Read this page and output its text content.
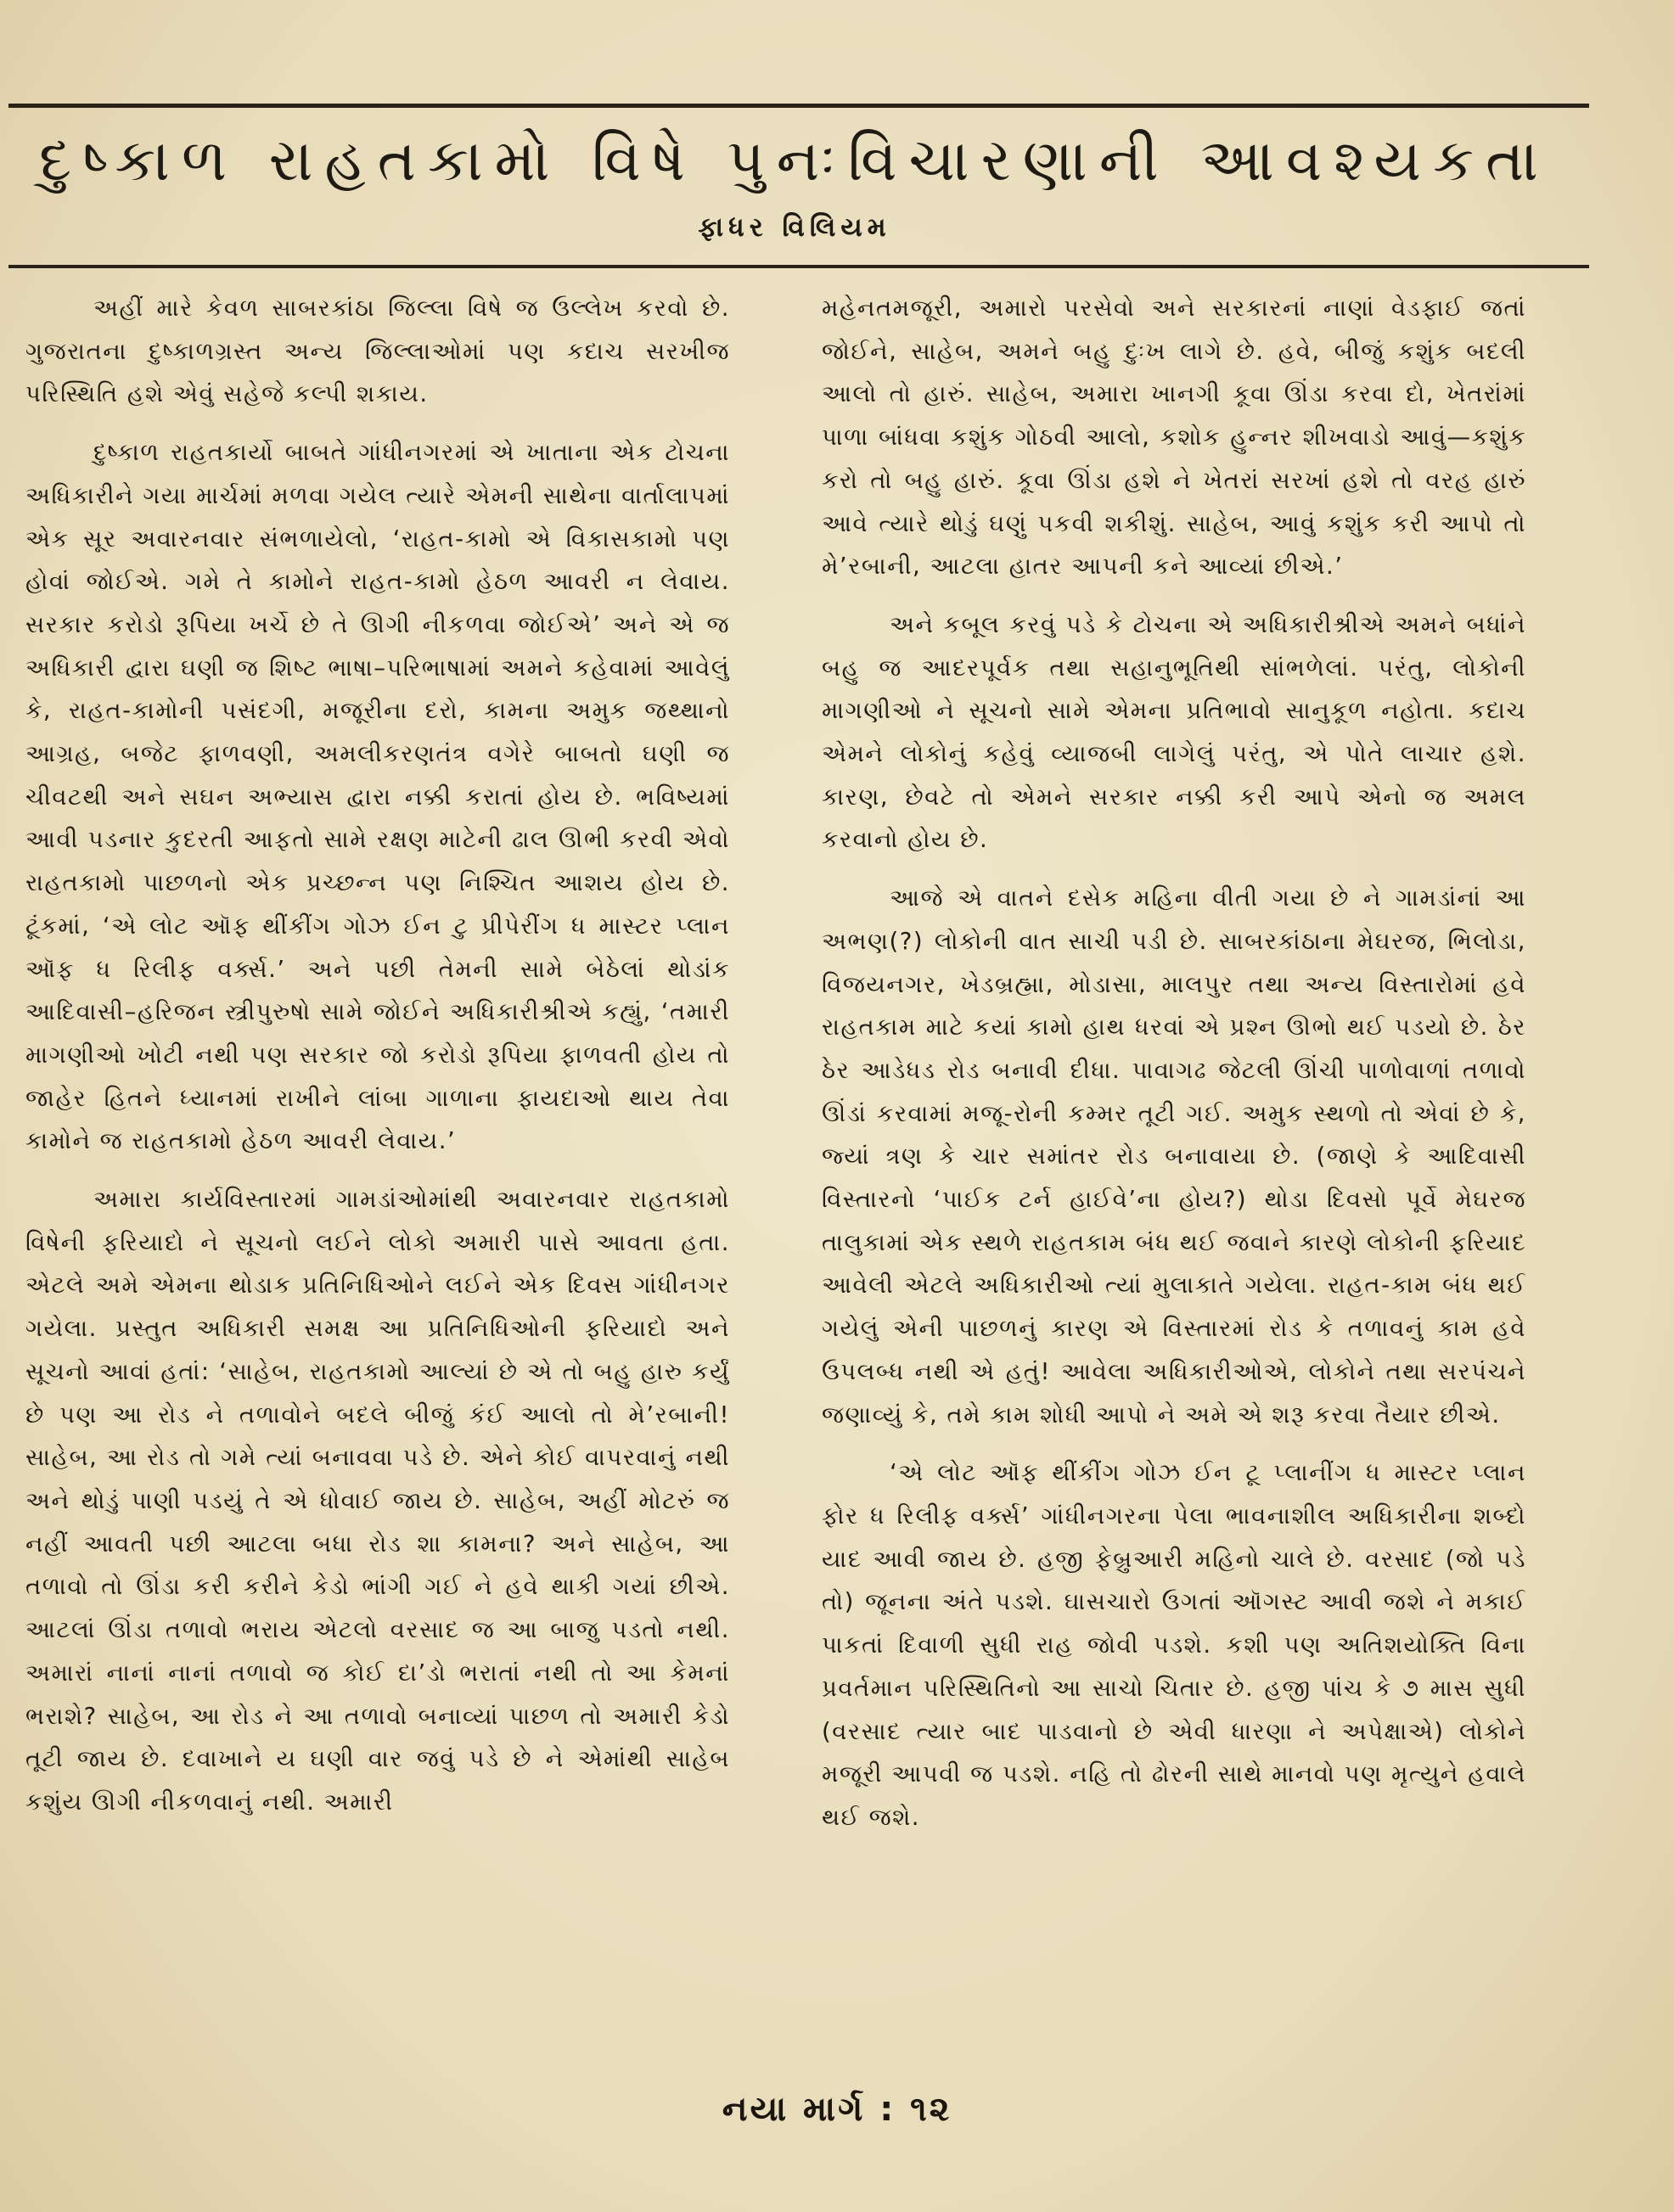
દુષ્કાળ રાહતકામો વિષે પુનઃવિચારણાની આવશ્યકતા
ફાધર વિલિયમ

અહીં મારે કેવળ સાબરકાંઠા જિલ્લા વિષે જ ઉલ્લેખ કરવો છે. ગુજરાતના દુષ્કાળગ્રસ્ત અન્ય જિલ્લાઓમાં પણ કદાચ સરખીજ પરિસ્થિતિ હશે એવું સહેજે કલ્પી શકાય.

દુષ્કાળ રાહતકાર્યો બાબતે ગાંધીનગરમાં એ ખાતાના એક ટોચના અધિકારીને ગયા માર્ચમાં મળવા ગયેલ ત્યારે એમની સાથેના વાર્તાલાપમાં એક સૂર અવારનવાર સંભળાયેલો, ‘રાહત-કામો એ વિકાસકામો પણ હોવાં જોઈએ. ગમે તે કામોને રાહત-કામો હેઠળ આવરી ન લેવાય. સરકાર કરોડો રૂપિયા ખર્ચે છે તે ઊગી નીકળવા જોઈએ’ અને એ જ અધિકારી દ્વારા ઘણી જ શિષ્ટ ભાષા–પરિભાષામાં અમને કહેવામાં આવેલું કે, રાહત-કામોની પસંદગી, મજૂરીના દરો, કામના અમુક જથ્થાનો આગ્રહ, બજેટ ફાળવણી, અમલીકરણતંત્ર વગેરે બાબતો ઘણી જ ચીવટથી અને સઘન અભ્યાસ દ્વારા નક્કી કરાતાં હોય છે. ભવિષ્યમાં આવી પડનાર કુદરતી આફતો સામે રક્ષણ માટેની ઢાલ ઊભી કરવી એવો રાહતકામો પાછળનો એક પ્રચ્છન્ન પણ નિશ્ચિત આશય હોય છે. ટૂંકમાં, ‘એ લોટ ઑફ થીંકીંગ ગોઝ ઈન ટુ પ્રીપેરીંગ ધ માસ્ટર પ્લાન ઑફ ધ રિલીફ વર્ક્સ.’ અને પછી તેમની સામે બેઠેલાં થોડાંક આદિવાસી–હરિજન સ્ત્રીપુરુષો સામે જોઈને અધિકારીશ્રીએ કહ્યું, ‘તમારી માગણીઓ ખોટી નથી પણ સરકાર જો કરોડો રૂપિયા ફાળવતી હોય તો જાહેર હિતને ધ્યાનમાં રાખીને લાંબા ગાળાના ફાયદાઓ થાય તેવા કામોને જ રાહતકામો હેઠળ આવરી લેવાય.’

અમારા કાર્યવિસ્તારમાં ગામડાંઓમાંથી અવારનવાર રાહતકામો વિષેની ફરિયાદો ને સૂચનો લઈને લોકો અમારી પાસે આવતા હતા. એટલે અમે એમના થોડાક પ્રતિનિધિઓને લઈને એક દિવસ ગાંધીનગર ગયેલા. પ્રસ્તુત અધિકારી સમક્ષ આ પ્રતિનિધિઓની ફરિયાદો અને સૂચનો આવાં હતાં: ‘સાહેબ, રાહતકામો આલ્યાં છે એ તો બહુ હારુ કર્યું છે પણ આ રોડ ને તળાવોને બદલે બીજું કંઈ આલો તો મે’રબાની! સાહેબ, આ રોડ તો ગમે ત્યાં બનાવવા પડે છે. એને કોઈ વાપરવાનું નથી અને થોડું પાણી પડયું તે એ ધોવાઈ જાય છે. સાહેબ, અહીં મોટરું જ નહીં આવતી પછી આટલા બધા રોડ શા કામના? અને સાહેબ, આ તળાવો તો ઊંડા કરી કરીને કેડો ભાંગી ગઈ ને હવે થાકી ગયાં છીએ. આટલાં ઊંડા તળાવો ભરાય એટલો વરસાદ જ આ બાજુ પડતો નથી. અમારાં નાનાં નાનાં તળાવો જ કોઈ દા’ડો ભરાતાં નથી તો આ કેમનાં ભરાશે? સાહેબ, આ રોડ ને આ તળાવો બનાવ્યાં પાછળ તો અમારી કેડો તૂટી જાય છે. દવાખાને ય ઘણી વાર જવું પડે છે ને એમાંથી સાહેબ કશુંય ઊગી નીકળવાનું નથી. અમારી

મહેનતમજૂરી, અમારો પરસેવો અને સરકારનાં નાણાં વેડફાઈ જતાં જોઈને, સાહેબ, અમને બહુ દુઃખ લાગે છે. હવે, બીજું કશુંક બદલી આલો તો હારું. સાહેબ, અમારા ખાનગી કૂવા ઊંડા કરવા દો, ખેતરાંમાં પાળા બાંધવા કશુંક ગોઠવી આલો, કશોક હુન્નર શીખવાડો આવું—કશુંક કરો તો બહુ હારું. કૂવા ઊંડા હશે ને ખેતરાં સરખાં હશે તો વરહ હારું આવે ત્યારે થોડું ઘણું પકવી શકીશું. સાહેબ, આવું કશુંક કરી આપો તો મે’રબાની, આટલા હાતર આપની કને આવ્યાં છીએ.’

અને કબૂલ કરવું પડે કે ટોચના એ અધિકારીશ્રીએ અમને બધાંને બહુ જ આદરપૂર્વક તથા સહાનુભૂતિથી સાંભળેલાં. પરંતુ, લોકોની માગણીઓ ને સૂચનો સામે એમના પ્રતિભાવો સાનુકૂળ નહોતા. કદાચ એમને લોકોનું કહેવું વ્યાજબી લાગેલું પરંતુ, એ પોતે લાચાર હશે. કારણ, છેવટે તો એમને સરકાર નક્કી કરી આપે એનો જ અમલ કરવાનો હોય છે.

આજે એ વાતને દસેક મહિના વીતી ગયા છે ને ગામડાંનાં આ અભણ(?) લોકોની વાત સાચી પડી છે. સાબરકાંઠાના મેઘરજ, ભિલોડા, વિજયનગર, ખેડબ્રહ્મા, મોડાસા, માલપુર તથા અન્ય વિસ્તારોમાં હવે રાહતકામ માટે કયાં કામો હાથ ધરવાં એ પ્રશ્ન ઊભો થઈ પડયો છે. ઠેર ઠેર આડેધડ રોડ બનાવી દીધા. પાવાગઢ જેટલી ઊંચી પાળોવાળાં તળાવો ઊંડાં કરવામાં મજૂ-રોની કમ્મર તૂટી ગઈ. અમુક સ્થળો તો એવાં છે કે, જ્યાં ત્રણ કે ચાર સમાંતર રોડ બનાવાયા છે. (જાણે કે આદિવાસી વિસ્તારનો ‘પાઈક ટર્ન હાઈવે’ના હોય?) થોડા દિવસો પૂર્વે મેઘરજ તાલુકામાં એક સ્થળે રાહતકામ બંધ થઈ જવાને કારણે લોકોની ફરિયાદ આવેલી એટલે અધિકારીઓ ત્યાં મુલાકાતે ગયેલા. રાહત-કામ બંધ થઈ ગયેલું એની પાછળનું કારણ એ વિસ્તારમાં રોડ કે તળાવનું કામ હવે ઉપલબ્ધ નથી એ હતું! આવેલા અધિકારીઓએ, લોકોને તથા સરપંચને જણાવ્યું કે, તમે કામ શોધી આપો ને અમે એ શરૂ કરવા તૈયાર છીએ.

‘એ લોટ ઑફ થીંકીંગ ગોઝ ઈન ટૂ પ્લાનીંગ ધ માસ્ટર પ્લાન ફોર ધ રિલીફ વર્ક્સ’ ગાંધીનગરના પેલા ભાવનાશીલ અધિકારીના શબ્દો યાદ આવી જાય છે. હજી ફેબ્રુઆરી મહિનો ચાલે છે. વરસાદ (જો પડે તો) જૂનના અંતે પડશે. ઘાસચારો ઉગતાં ઑગસ્ટ આવી જશે ને મકાઈ પાકતાં દિવાળી સુધી રાહ જોવી પડશે. કશી પણ અતિશયોક્તિ વિના પ્રવર્તમાન પરિસ્થિતિનો આ સાચો ચિતાર છે. હજી પાંચ કે ૭ માસ સુધી (વરસાદ ત્યાર બાદ પાડવાનો છે એવી ધારણા ને અપેક્ષાએ) લોકોને મજૂરી આપવી જ પડશે. નહિ તો ઢોરની સાથે માનવો પણ મૃત્યુને હવાલે થઈ જશે.

નયા માર્ગ : ૧૨
